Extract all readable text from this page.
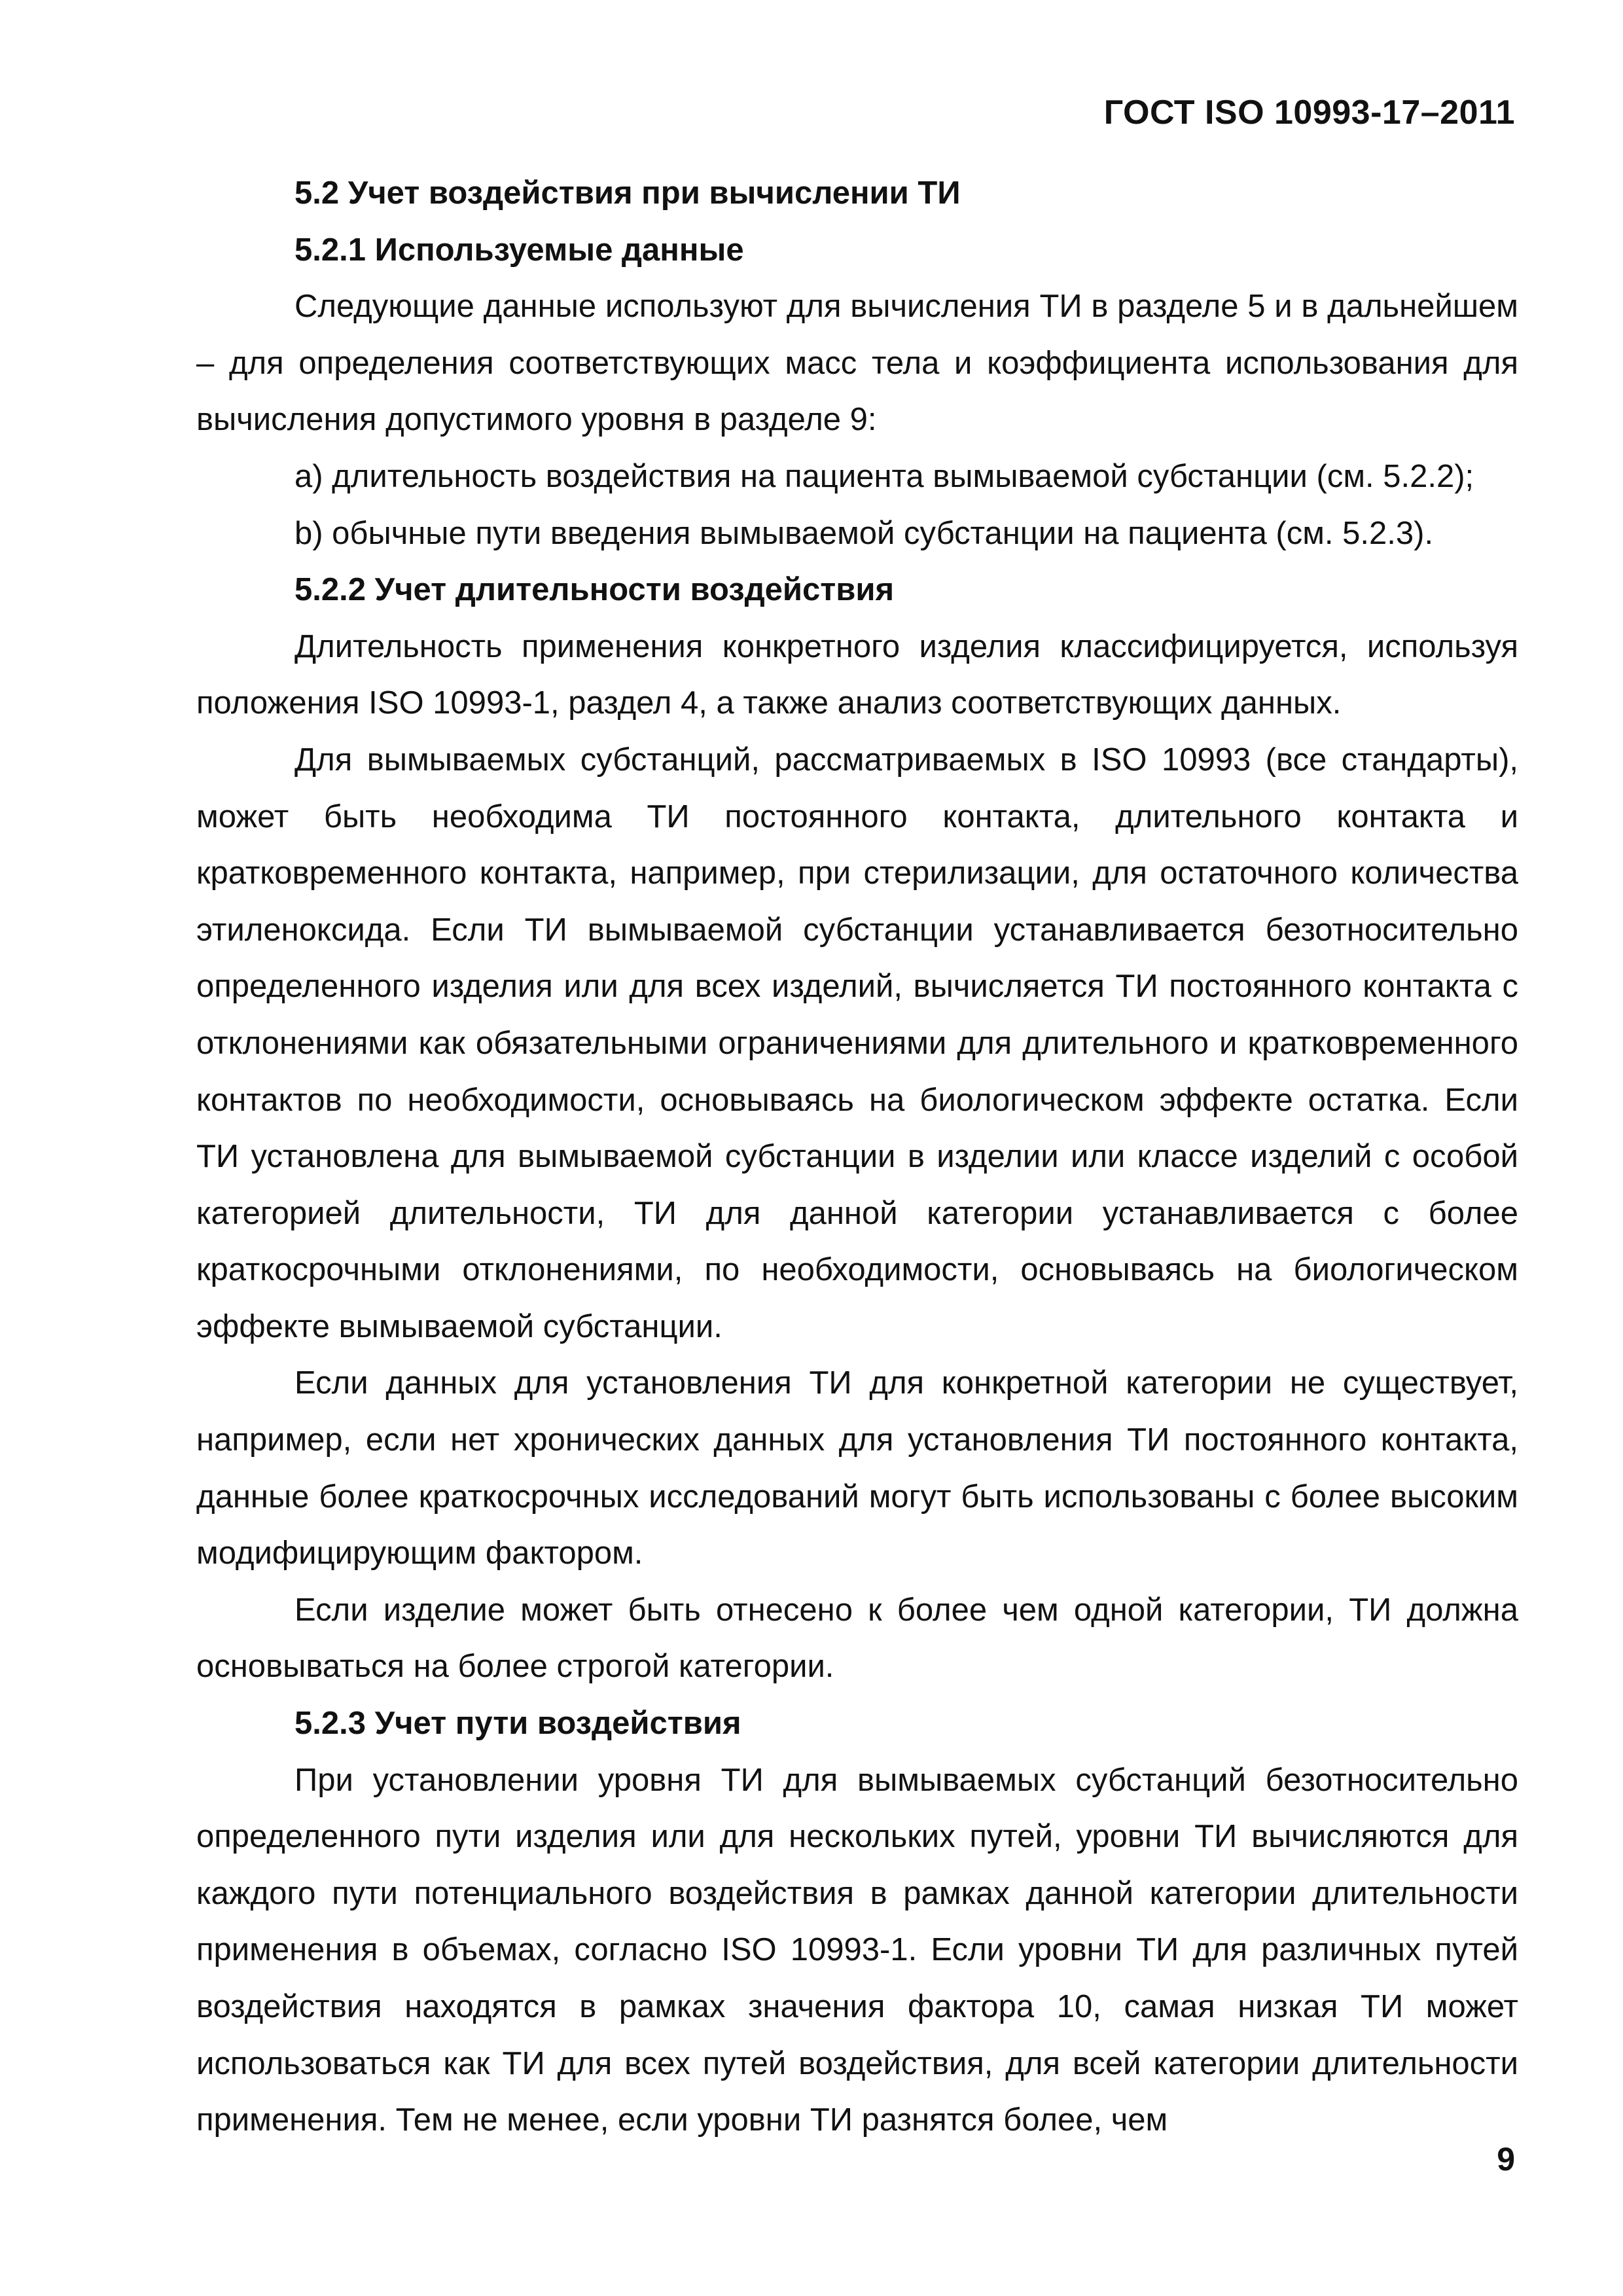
ГОСТ ISO 10993-17–2011

5.2 Учет воздействия при вычислении ТИ

5.2.1 Используемые данные

Следующие данные используют для вычисления ТИ в разделе 5 и в дальнейшем – для определения соответствующих масс тела и коэффициента использования для вычисления допустимого уровня в разделе 9:

a) длительность воздействия на пациента вымываемой субстанции (см. 5.2.2);

b) обычные пути введения вымываемой субстанции на пациента (см. 5.2.3).

5.2.2 Учет длительности воздействия

Длительность применения конкретного изделия классифицируется, используя положения ISO 10993-1, раздел 4, а также анализ соответствующих данных.

Для вымываемых субстанций, рассматриваемых в ISO 10993 (все стандарты), может быть необходима ТИ постоянного контакта, длительного контакта и кратковременного контакта, например, при стерилизации, для остаточного количества этиленоксида. Если ТИ вымываемой субстанции устанавливается безотносительно определенного изделия или для всех изделий, вычисляется ТИ постоянного контакта с отклонениями как обязательными ограничениями для длительного и кратковременного контактов по необходимости, основываясь на биологическом эффекте остатка. Если ТИ установлена для вымываемой субстанции в изделии или классе изделий с особой категорией длительности, ТИ для данной категории устанавливается с более краткосрочными отклонениями, по необходимости, основываясь на биологическом эффекте вымываемой субстанции.

Если данных для установления ТИ для конкретной категории не существует, например, если нет хронических данных для установления ТИ постоянного контакта, данные более краткосрочных исследований могут быть использованы с более высоким модифицирующим фактором.

Если изделие может быть отнесено к более чем одной категории, ТИ должна основываться на более строгой категории.

5.2.3 Учет пути воздействия

При установлении уровня ТИ для вымываемых субстанций безотносительно определенного пути изделия или для нескольких путей, уровни ТИ вычисляются для каждого пути потенциального воздействия в рамках данной категории длительности применения в объемах, согласно ISO 10993-1. Если уровни ТИ для различных путей воздействия находятся в рамках значения фактора 10, самая низкая ТИ может использоваться как ТИ для всех путей воздействия, для всей категории длительности применения. Тем не менее, если уровни ТИ разнятся более, чем

9
